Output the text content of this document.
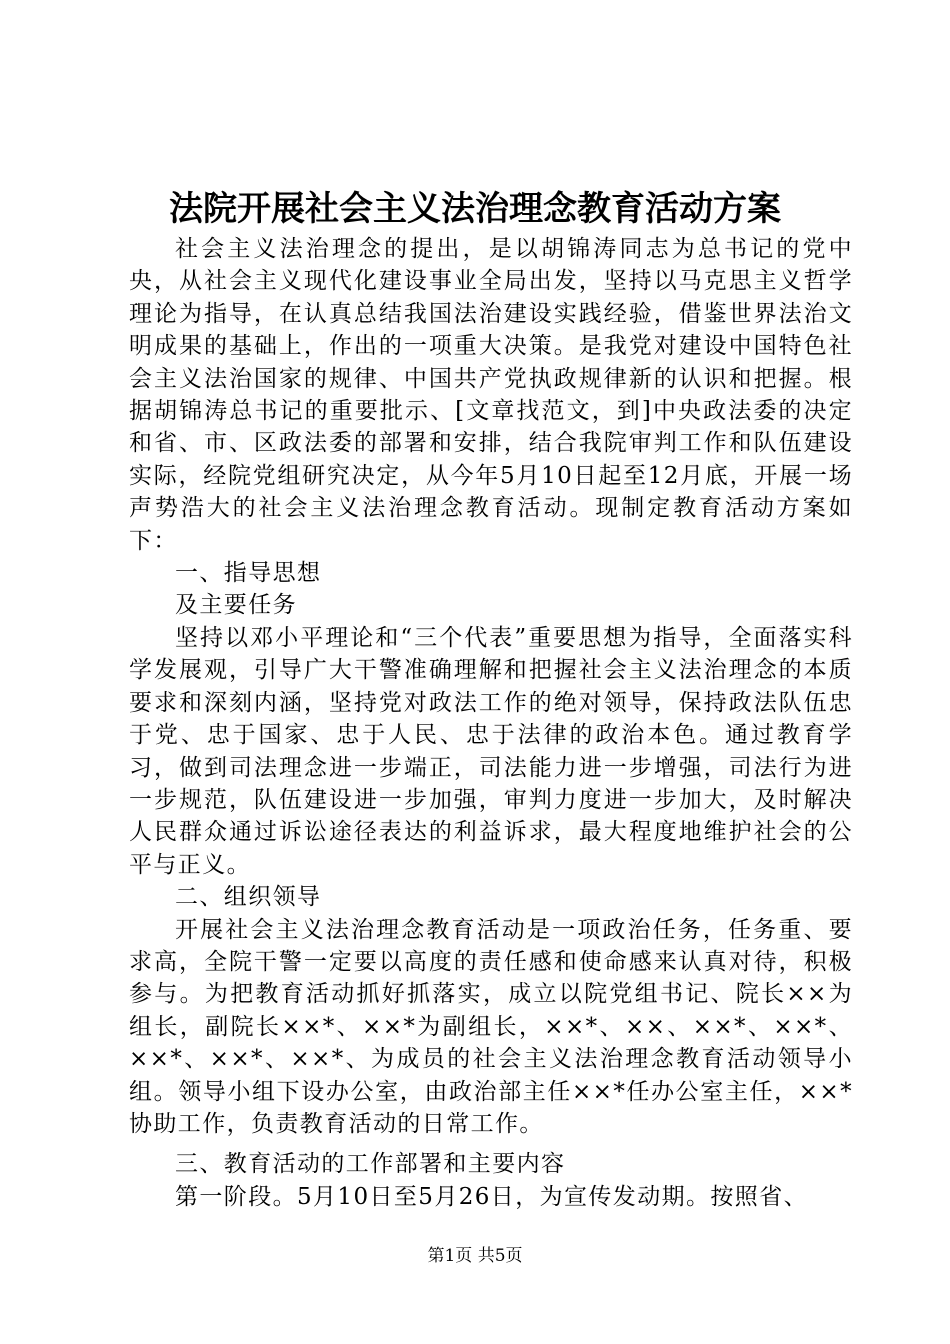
法院开展社会主义法治理念教育活动方案

社会主义法治理念的提出，是以胡锦涛同志为总书记的党中央，从社会主义现代化建设事业全局出发，坚持以马克思主义哲学理论为指导，在认真总结我国法治建设实践经验，借鉴世界法治文明成果的基础上，作出的一项重大决策。是我党对建设中国特色社会主义法治国家的规律、中国共产党执政规律新的认识和把握。根据胡锦涛总书记的重要批示、[文章找范文，到]中央政法委的决定和省、市、区政法委的部署和安排，结合我院审判工作和队伍建设实际，经院党组研究决定，从今年5月10日起至12月底，开展一场声势浩大的社会主义法治理念教育活动。现制定教育活动方案如下：

一、指导思想

及主要任务

坚持以邓小平理论和“三个代表”重要思想为指导，全面落实科学发展观，引导广大干警准确理解和把握社会主义法治理念的本质要求和深刻内涵，坚持党对政法工作的绝对领导，保持政法队伍忠于党、忠于国家、忠于人民、忠于法律的政治本色。通过教育学习，做到司法理念进一步端正，司法能力进一步增强，司法行为进一步规范，队伍建设进一步加强，审判力度进一步加大，及时解决人民群众通过诉讼途径表达的利益诉求，最大程度地维护社会的公平与正义。

二、组织领导

开展社会主义法治理念教育活动是一项政治任务，任务重、要求高，全院干警一定要以高度的责任感和使命感来认真对待，积极参与。为把教育活动抓好抓落实，成立以院党组书记、院长××为组长，副院长××*、××*为副组长，××*、××、××*、××*、××*、××*、××*、为成员的社会主义法治理念教育活动领导小组。领导小组下设办公室，由政治部主任××*任办公室主任，××*协助工作，负责教育活动的日常工作。

三、教育活动的工作部署和主要内容

第一阶段。5月10日至5月26日，为宣传发动期。按照省、

第1页 共5页
